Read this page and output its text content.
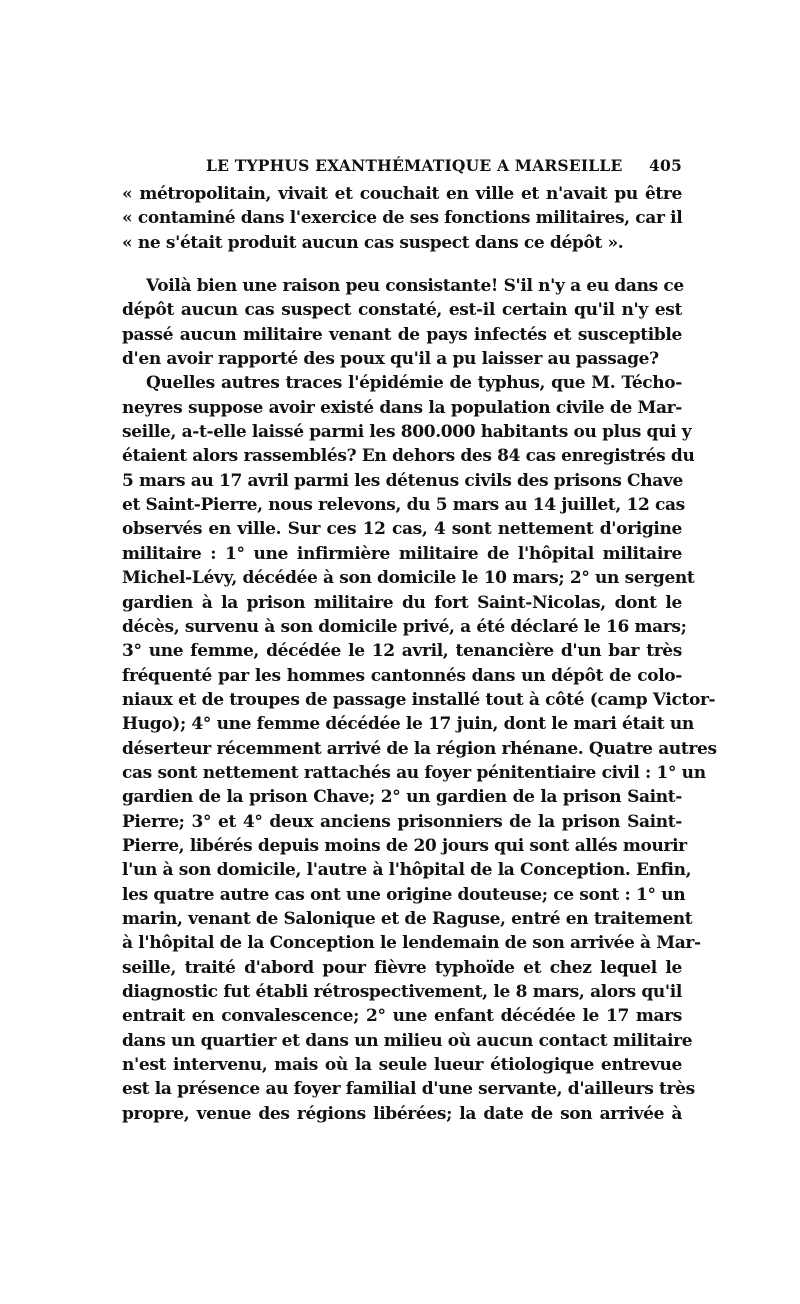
LE TYPHUS EXANTHÉMATIQUE A MARSEILLE 405
« métropolitain, vivait et couchait en ville et n'avait pu être
« contaminé dans l'exercice de ses fonctions militaires, car il
« ne s'était produit aucun cas suspect dans ce dépôt ».
Voilà bien une raison peu consistante! S'il n'y a eu dans ce
dépôt aucun cas suspect constaté, est-il certain qu'il n'y est
passé aucun militaire venant de pays infectés et susceptible
d'en avoir rapporté des poux qu'il a pu laisser au passage?
Quelles autres traces l'épidémie de typhus, que M. Técho-
neyres suppose avoir existé dans la population civile de Mar-
seille, a-t-elle laissé parmi les 800.000 habitants ou plus qui y
étaient alors rassemblés? En dehors des 84 cas enregistrés du
5 mars au 17 avril parmi les détenus civils des prisons Chave
et Saint-Pierre, nous relevons, du 5 mars au 14 juillet, 12 cas
observés en ville. Sur ces 12 cas, 4 sont nettement d'origine
militaire : 1° une infirmière militaire de l'hôpital militaire
Michel-Lévy, décédée à son domicile le 10 mars; 2° un sergent
gardien à la prison militaire du fort Saint-Nicolas, dont le
décès, survenu à son domicile privé, a été déclaré le 16 mars;
3° une femme, décédée le 12 avril, tenancière d'un bar très
fréquenté par les hommes cantonnés dans un dépôt de colo-
niaux et de troupes de passage installé tout à côté (camp Victor-
Hugo); 4° une femme décédée le 17 juin, dont le mari était un
déserteur récemment arrivé de la région rhénane. Quatre autres
cas sont nettement rattachés au foyer pénitentiaire civil : 1° un
gardien de la prison Chave; 2° un gardien de la prison Saint-
Pierre; 3° et 4° deux anciens prisonniers de la prison Saint-
Pierre, libérés depuis moins de 20 jours qui sont allés mourir
l'un à son domicile, l'autre à l'hôpital de la Conception. Enfin,
les quatre autre cas ont une origine douteuse; ce sont : 1° un
marin, venant de Salonique et de Raguse, entré en traitement
à l'hôpital de la Conception le lendemain de son arrivée à Mar-
seille, traité d'abord pour fièvre typhoïde et chez lequel le
diagnostic fut établi rétrospectivement, le 8 mars, alors qu'il
entrait en convalescence; 2° une enfant décédée le 17 mars
dans un quartier et dans un milieu où aucun contact militaire
n'est intervenu, mais où la seule lueur étiologique entrevue
est la présence au foyer familial d'une servante, d'ailleurs très
propre, venue des régions libérées; la date de son arrivée à
